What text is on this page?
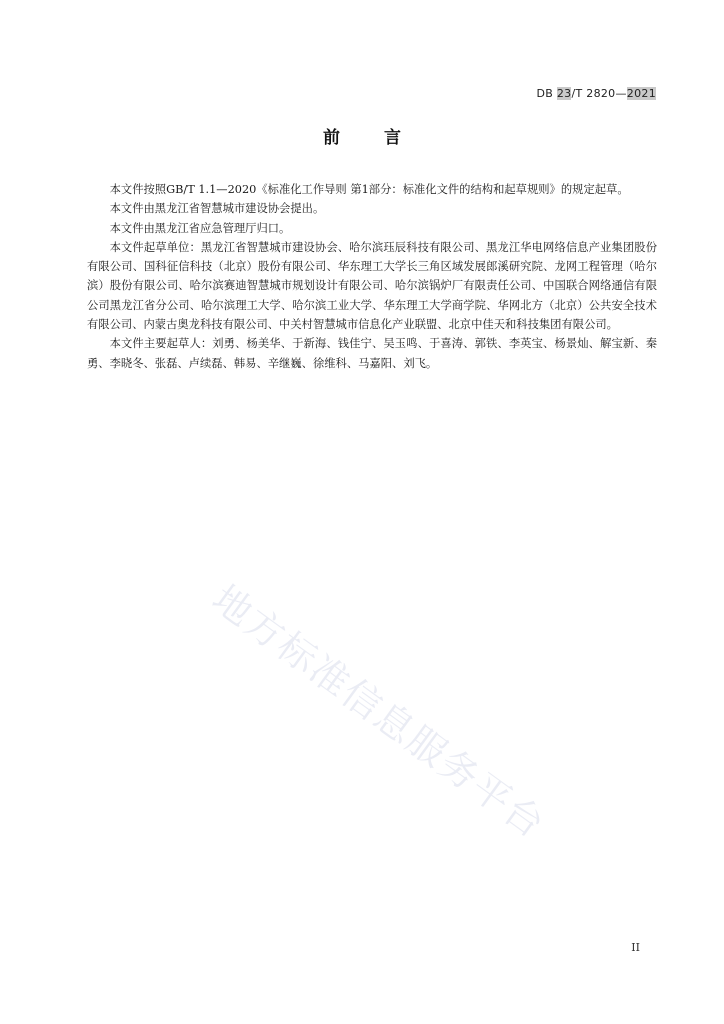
DB 23/T 2820—2021
前言

本文件按照GB/T 1.1—2020《标准化工作导则 第1部分：标准化文件的结构和起草规则》的规定起草。

本文件由黑龙江省智慧城市建设协会提出。

本文件由黑龙江省应急管理厅归口。

本文件起草单位：黑龙江省智慧城市建设协会、哈尔滨珏辰科技有限公司、黑龙江华电网络信息产业集团股份有限公司、国科征信科技（北京）股份有限公司、华东理工大学长三角区域发展郎溪研究院、龙网工程管理（哈尔滨）股份有限公司、哈尔滨赛迪智慧城市规划设计有限公司、哈尔滨锅炉厂有限责任公司、中国联合网络通信有限公司黑龙江省分公司、哈尔滨理工大学、哈尔滨工业大学、华东理工大学商学院、华网北方（北京）公共安全技术有限公司、内蒙古奥龙科技有限公司、中关村智慧城市信息化产业联盟、北京中佳天和科技集团有限公司。

本文件主要起草人：刘勇、杨美华、于新海、钱佳宁、吴玉鸣、于喜涛、郭铁、李英宝、杨景灿、解宝新、秦勇、李晓冬、张磊、卢续磊、韩易、辛继巍、徐维科、马嘉阳、刘飞。

地方标准信息服务平台
II
